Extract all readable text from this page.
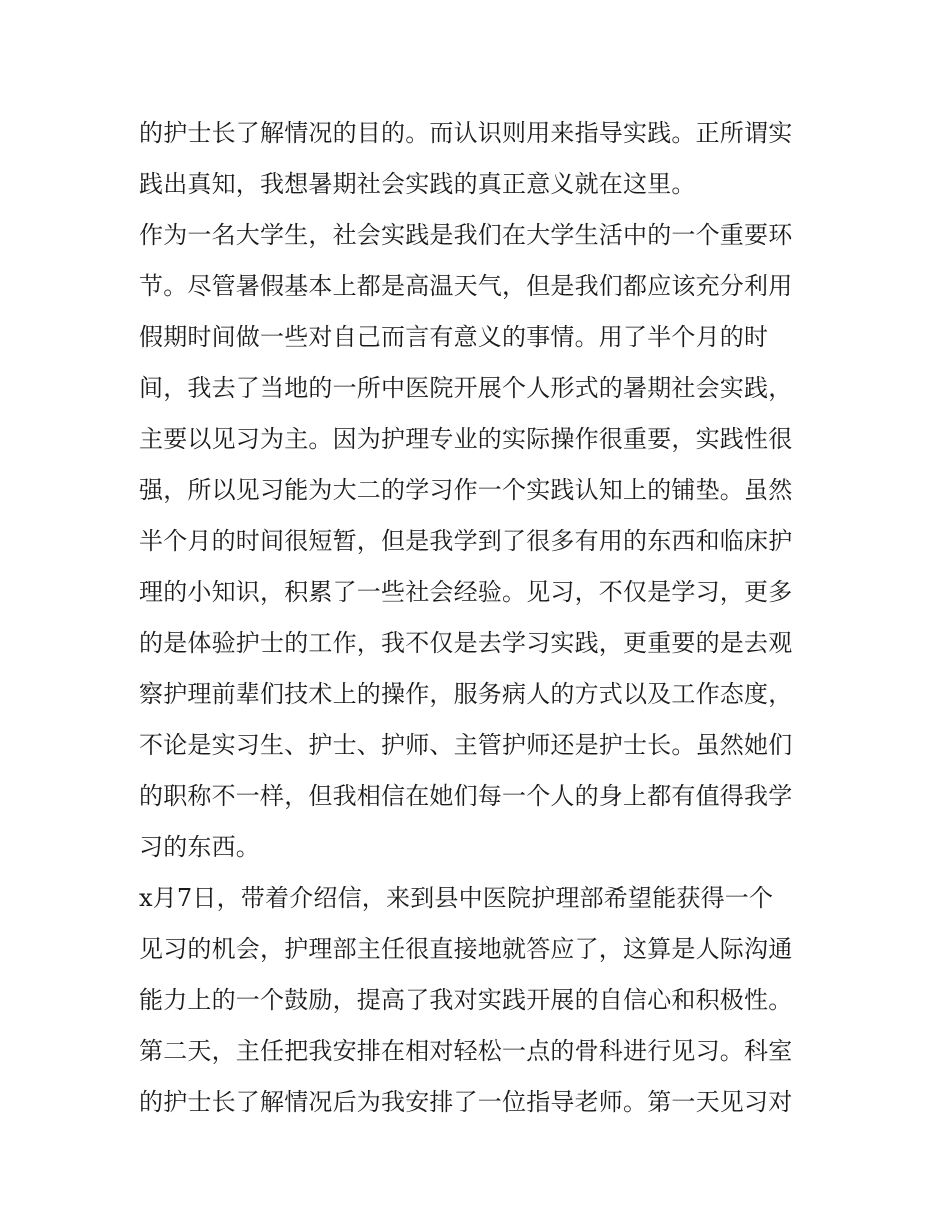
的护士长了解情况的目的。而认识则用来指导实践。正所谓实
践出真知，我想暑期社会实践的真正意义就在这里。
作为一名大学生，社会实践是我们在大学生活中的一个重要环
节。尽管暑假基本上都是高温天气，但是我们都应该充分利用
假期时间做一些对自己而言有意义的事情。用了半个月的时
间，我去了当地的一所中医院开展个人形式的暑期社会实践，
主要以见习为主。因为护理专业的实际操作很重要，实践性很
强，所以见习能为大二的学习作一个实践认知上的铺垫。虽然
半个月的时间很短暂，但是我学到了很多有用的东西和临床护
理的小知识，积累了一些社会经验。见习，不仅是学习，更多
的是体验护士的工作，我不仅是去学习实践，更重要的是去观
察护理前辈们技术上的操作，服务病人的方式以及工作态度，
不论是实习生、护士、护师、主管护师还是护士长。虽然她们
的职称不一样，但我相信在她们每一个人的身上都有值得我学
习的东西。
x月7日，带着介绍信，来到县中医院护理部希望能获得一个
见习的机会，护理部主任很直接地就答应了，这算是人际沟通
能力上的一个鼓励，提高了我对实践开展的自信心和积极性。
第二天，主任把我安排在相对轻松一点的骨科进行见习。科室
的护士长了解情况后为我安排了一位指导老师。第一天见习对
